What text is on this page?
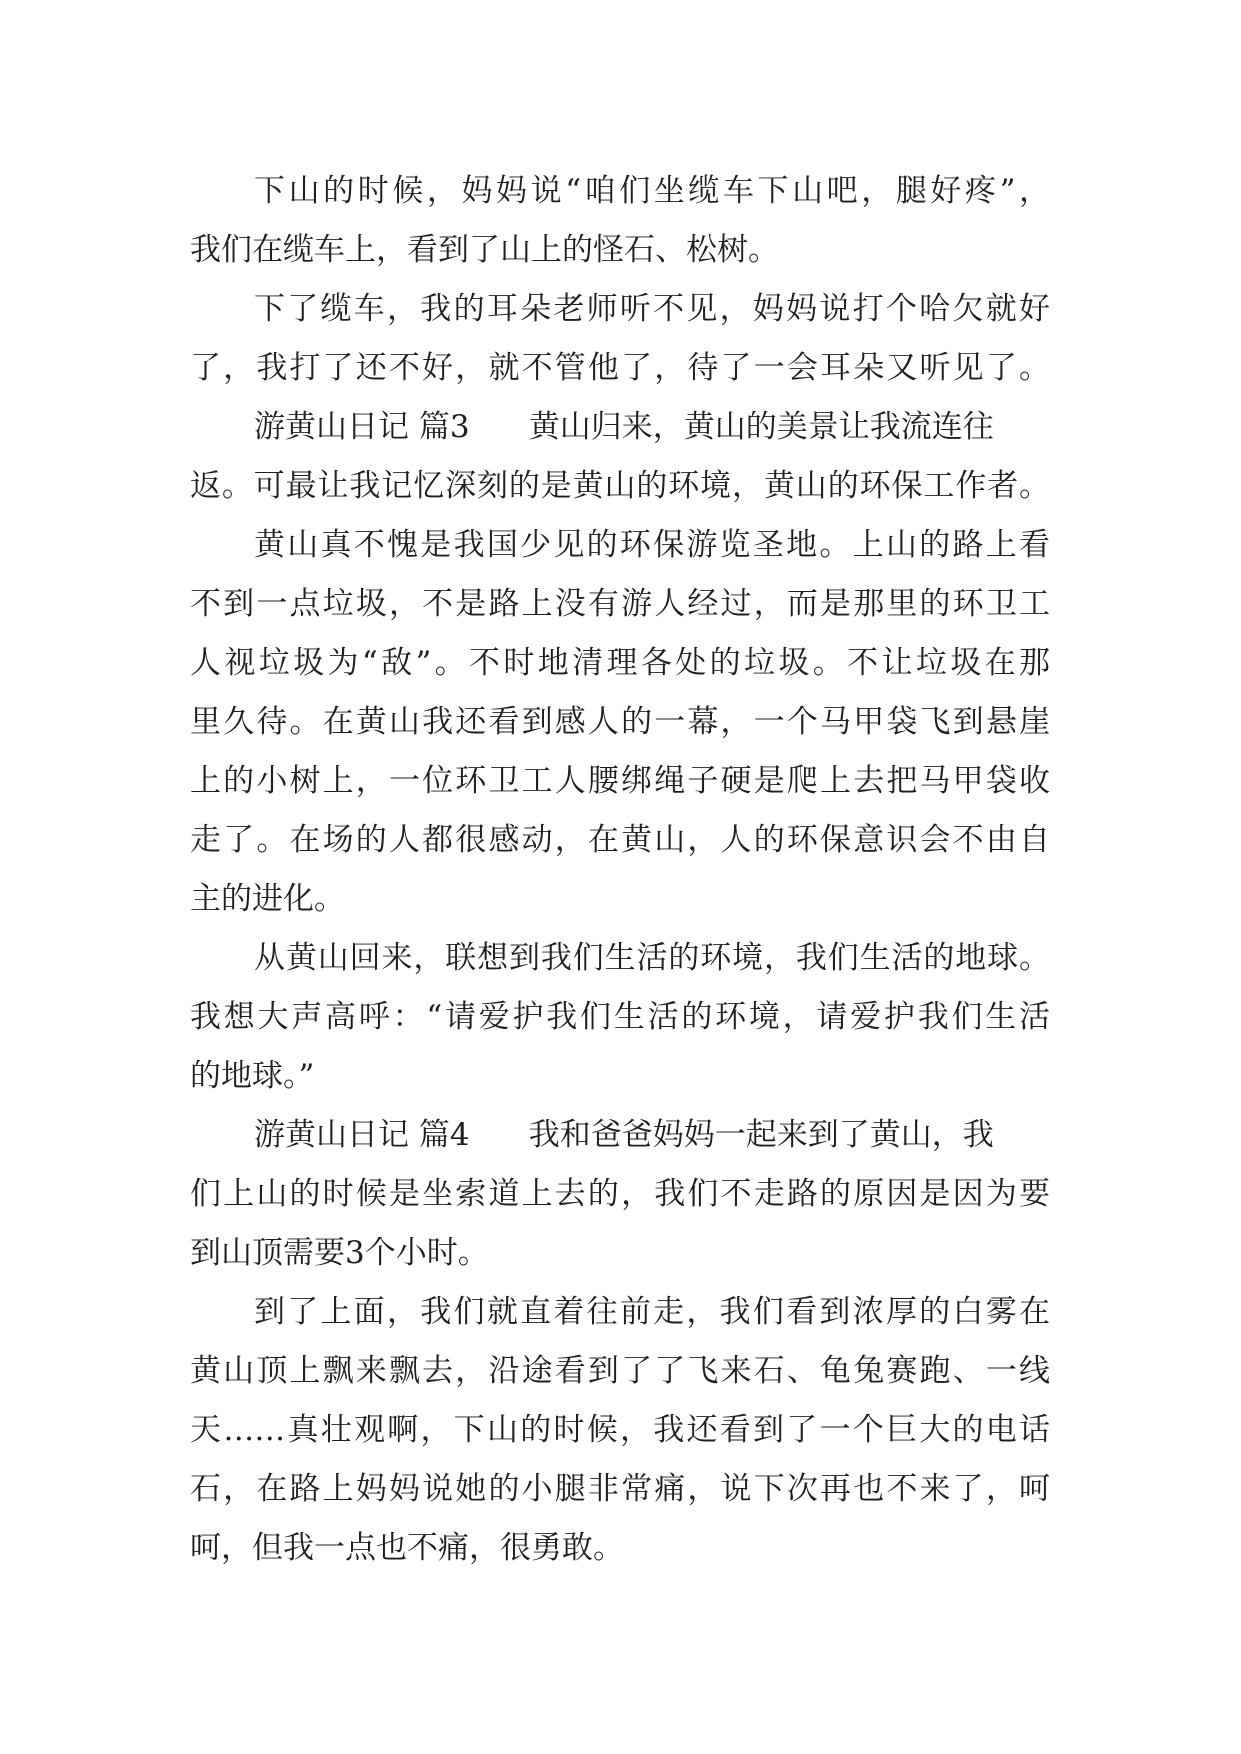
下山的时候，妈妈说“咱们坐缆车下山吧，腿好疼”，
我们在缆车上，看到了山上的怪石、松树。
下了缆车，我的耳朵老师听不见，妈妈说打个哈欠就好
了，我打了还不好，就不管他了，待了一会耳朵又听见了。
游黄山日记 篇3      黄山归来，黄山的美景让我流连往
返。可最让我记忆深刻的是黄山的环境，黄山的环保工作者。
黄山真不愧是我国少见的环保游览圣地。上山的路上看
不到一点垃圾，不是路上没有游人经过，而是那里的环卫工
人视垃圾为“敌”。不时地清理各处的垃圾。不让垃圾在那
里久待。在黄山我还看到感人的一幕，一个马甲袋飞到悬崖
上的小树上，一位环卫工人腰绑绳子硬是爬上去把马甲袋收
走了。在场的人都很感动，在黄山，人的环保意识会不由自
主的进化。
从黄山回来，联想到我们生活的环境，我们生活的地球。
我想大声高呼：“请爱护我们生活的环境，请爱护我们生活
的地球。”
游黄山日记 篇4      我和爸爸妈妈一起来到了黄山，我
们上山的时候是坐索道上去的，我们不走路的原因是因为要
到山顶需要3个小时。
到了上面，我们就直着往前走，我们看到浓厚的白雾在
黄山顶上飘来飘去，沿途看到了了飞来石、龟兔赛跑、一线
天……真壮观啊，下山的时候，我还看到了一个巨大的电话
石，在路上妈妈说她的小腿非常痛，说下次再也不来了，呵
呵，但我一点也不痛，很勇敢。
